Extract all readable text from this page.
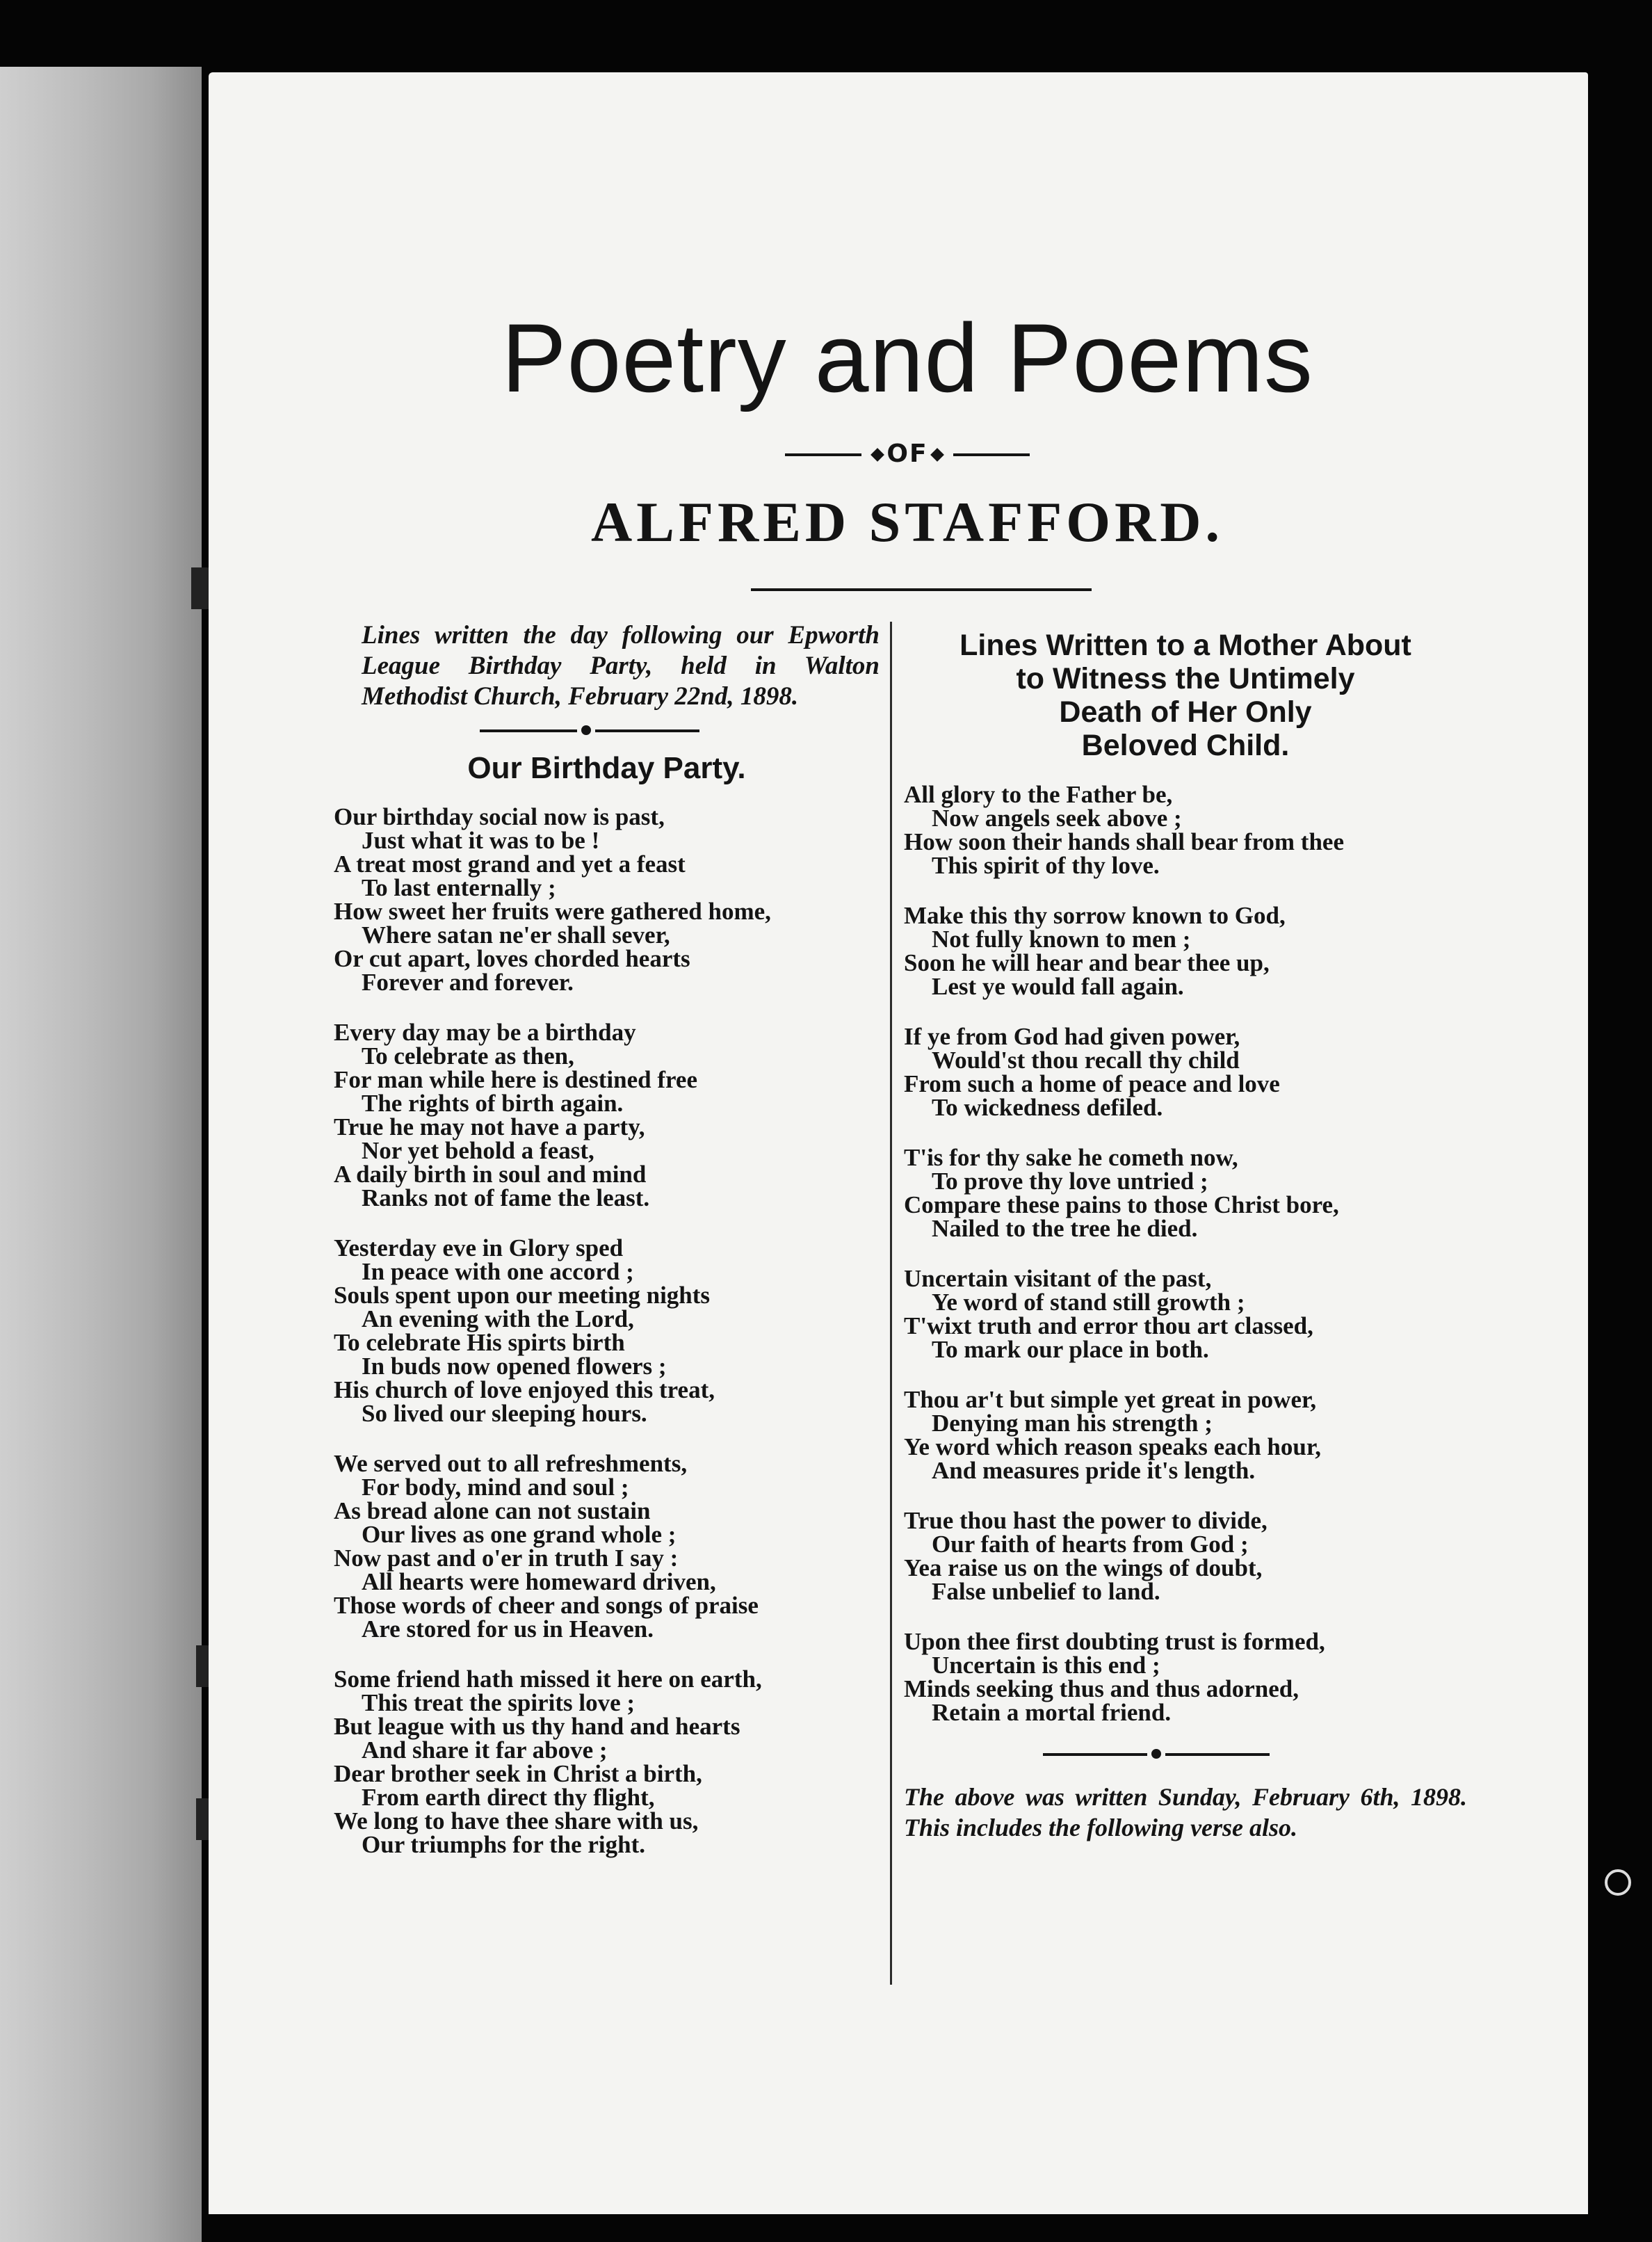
Poetry and Poems
OF
ALFRED STAFFORD.

Lines written the day following our Epworth League Birthday Party, held in Walton Methodist Church, February 22nd, 1898.

Our Birthday Party.
Our birthday social now is past,
Just what it was to be !
A treat most grand and yet a feast
To last enternally ;
How sweet her fruits were gathered home,
Where satan ne'er shall sever,
Or cut apart, loves chorded hearts
Forever and forever.
Every day may be a birthday
To celebrate as then,
For man while here is destined free
The rights of birth again.
True he may not have a party,
Nor yet behold a feast,
A daily birth in soul and mind
Ranks not of fame the least.
Yesterday eve in Glory sped
In peace with one accord ;
Souls spent upon our meeting nights
An evening with the Lord,
To celebrate His spirts birth
In buds now opened flowers ;
His church of love enjoyed this treat,
So lived our sleeping hours.
We served out to all refreshments,
For body, mind and soul ;
As bread alone can not sustain
Our lives as one grand whole ;
Now past and o'er in truth I say :
All hearts were homeward driven,
Those words of cheer and songs of praise
Are stored for us in Heaven.
Some friend hath missed it here on earth,
This treat the spirits love ;
But league with us thy hand and hearts
And share it far above ;
Dear brother seek in Christ a birth,
From earth direct thy flight,
We long to have thee share with us,
Our triumphs for the right.
Lines Written to a Mother About
to Witness the Untimely
Death of Her Only
Beloved Child.
All glory to the Father be,
Now angels seek above ;
How soon their hands shall bear from thee
This spirit of thy love.
Make this thy sorrow known to God,
Not fully known to men ;
Soon he will hear and bear thee up,
Lest ye would fall again.
If ye from God had given power,
Would'st thou recall thy child
From such a home of peace and love
To wickedness defiled.
T'is for thy sake he cometh now,
To prove thy love untried ;
Compare these pains to those Christ bore,
Nailed to the tree he died.
Uncertain visitant of the past,
Ye word of stand still growth ;
T'wixt truth and error thou art classed,
To mark our place in both.
Thou ar't but simple yet great in power,
Denying man his strength ;
Ye word which reason speaks each hour,
And measures pride it's length.
True thou hast the power to divide,
Our faith of hearts from God ;
Yea raise us on the wings of doubt,
False unbelief to land.
Upon thee first doubting trust is formed,
Uncertain is this end ;
Minds seeking thus and thus adorned,
Retain a mortal friend.

The above was written Sunday, February 6th, 1898. This includes the following verse also.
